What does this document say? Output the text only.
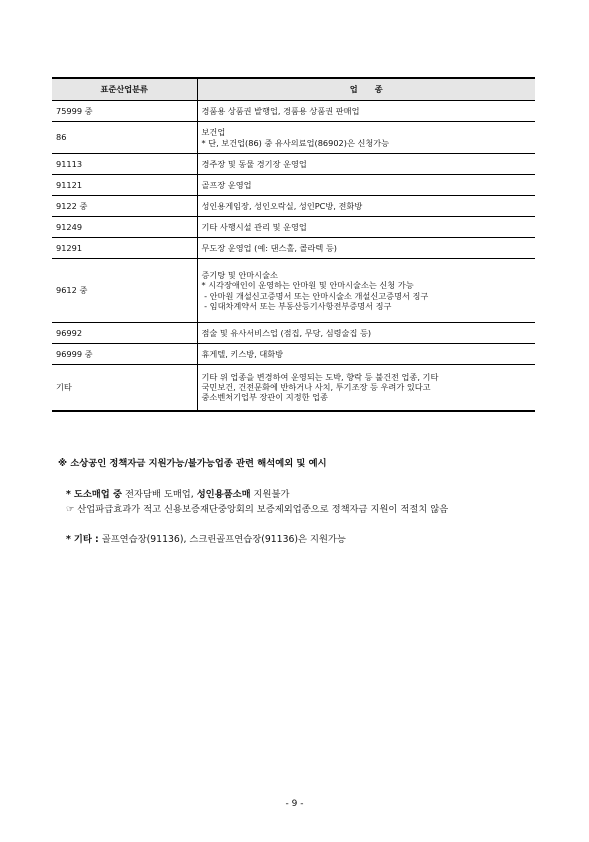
표준산업분류	업      종
75999 중	경품용 상품권 발행업, 경품용 상품권 판매업

86	보건업
* 단, 보건업(86) 중 유사의료업(86902)은 신청가능

91113	경주장 및 동물 경기장 운영업

91121	골프장 운영업

9122 중	성인용게임장, 성인오락실, 성인PC방, 전화방

91249	기타 사행시설 관리 및 운영업

91291	무도장 운영업 (예: 댄스홀, 콜라텍 등)

9612 중	증기탕 및 안마시술소
* 시각장애인이 운영하는 안마원 및 안마시술소는 신청 가능
- 안마원 개설신고증명서 또는 안마시술소 개설신고증명서 징구
- 임대차계약서 또는 부동산등기사항전부증명서 징구

96992	점술 및 유사서비스업 (점집, 무당, 심령술집 등)

96999 중	휴게텔, 키스방, 대화방

기타	기타 위 업종을 변경하여 운영되는 도박, 향락 등 불건전 업종, 기타
국민보건, 건전문화에 반하거나 사치, 투기조장 등 우려가 있다고
중소벤처기업부 장관이 지정한 업종
※ 소상공인 정책자금 지원가능/불가능업종 관련 해석예외 및 예시
* 도소매업 중 전자담배 도매업, 성인용품소매 지원불가
☞ 산업파급효과가 적고 신용보증재단중앙회의 보증제외업종으로 정책자금 지원이 적절치 않음
* 기타 : 골프연습장(91136), 스크린골프연습장(91136)은 지원가능
- 9 -
